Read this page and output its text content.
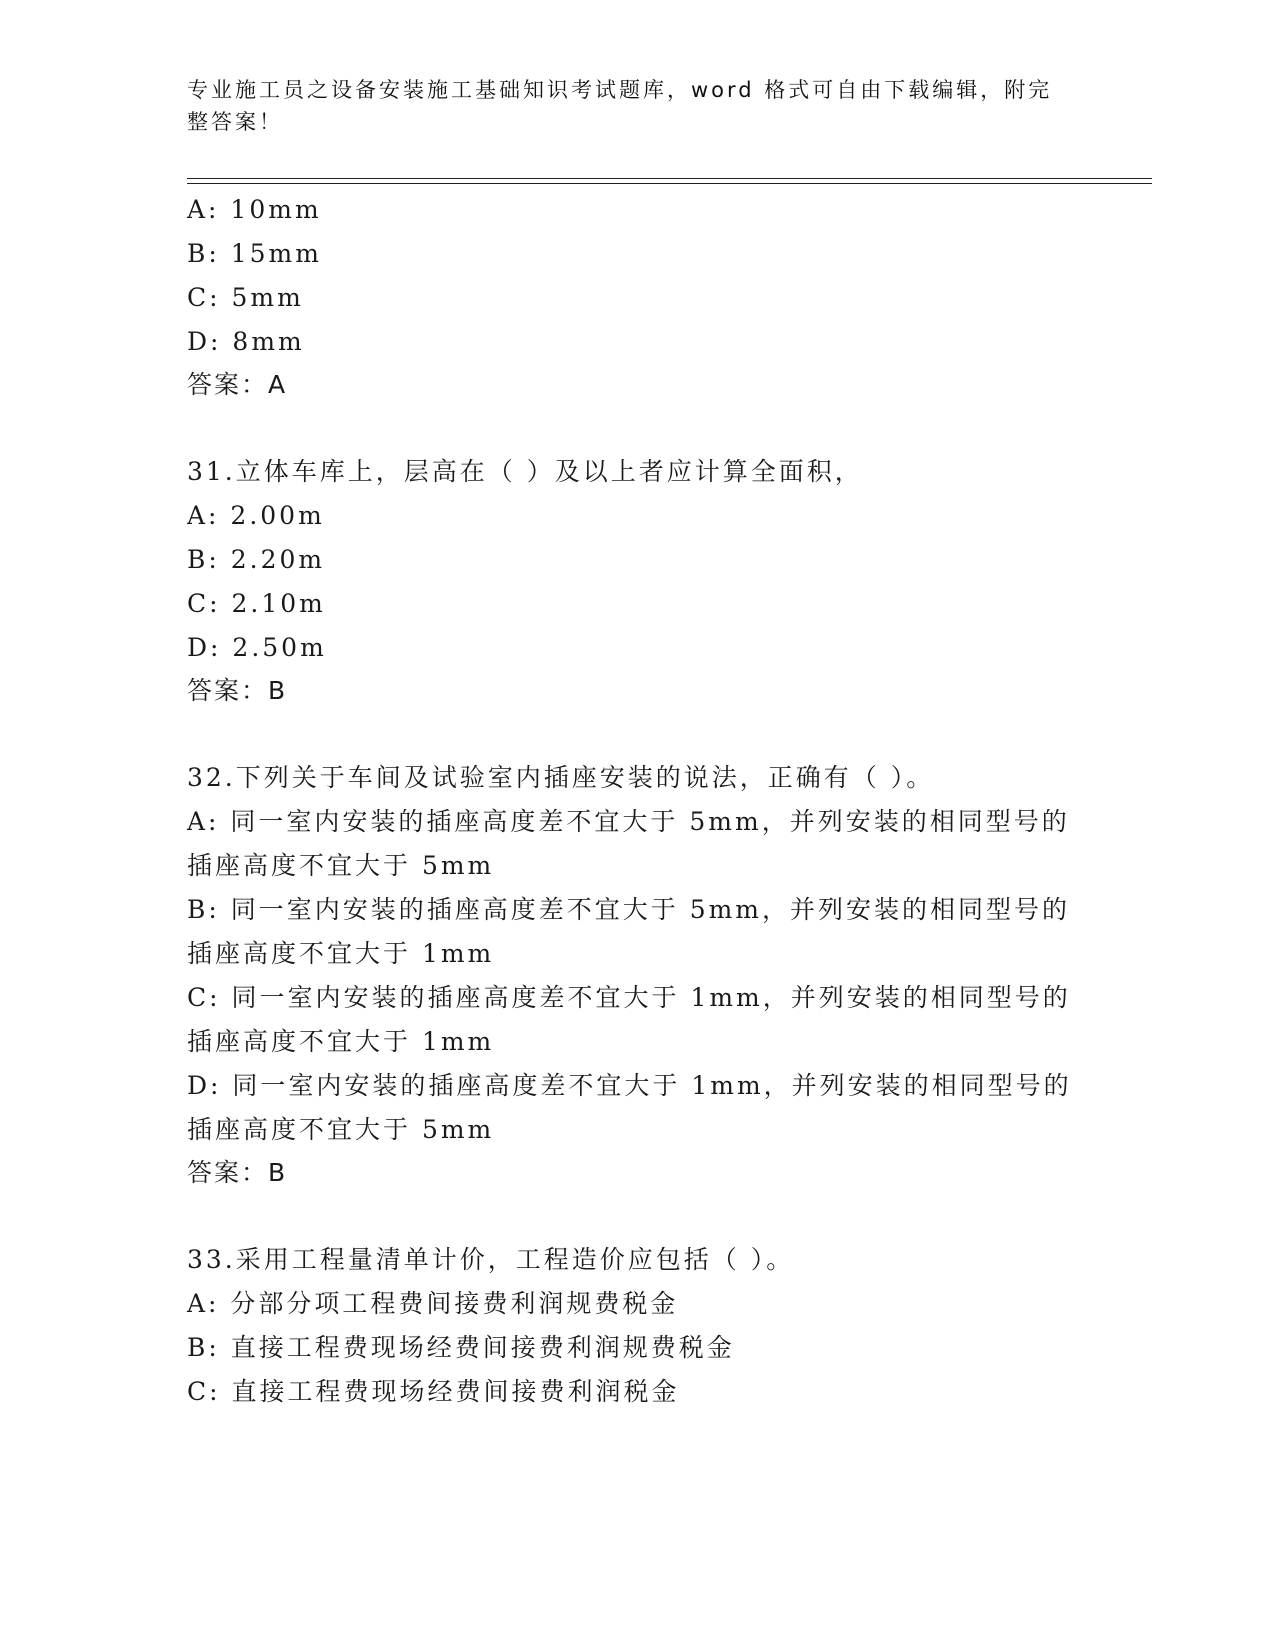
专业施工员之设备安装施工基础知识考试题库，word 格式可自由下载编辑，附完整答案！
A: 10mm
B: 15mm
C: 5mm
D: 8mm
答案：A
31.立体车库上，层高在（ ）及以上者应计算全面积，
A: 2.00m
B: 2.20m
C: 2.10m
D: 2.50m
答案：B
32.下列关于车间及试验室内插座安装的说法，正确有（ ）。
A: 同一室内安装的插座高度差不宜大于 5mm，并列安装的相同型号的
插座高度不宜大于 5mm
B: 同一室内安装的插座高度差不宜大于 5mm，并列安装的相同型号的
插座高度不宜大于 1mm
C: 同一室内安装的插座高度差不宜大于 1mm，并列安装的相同型号的
插座高度不宜大于 1mm
D: 同一室内安装的插座高度差不宜大于 1mm，并列安装的相同型号的
插座高度不宜大于 5mm
答案：B
33.采用工程量清单计价，工程造价应包括（ ）。
A: 分部分项工程费间接费利润规费税金
B: 直接工程费现场经费间接费利润规费税金
C: 直接工程费现场经费间接费利润税金
